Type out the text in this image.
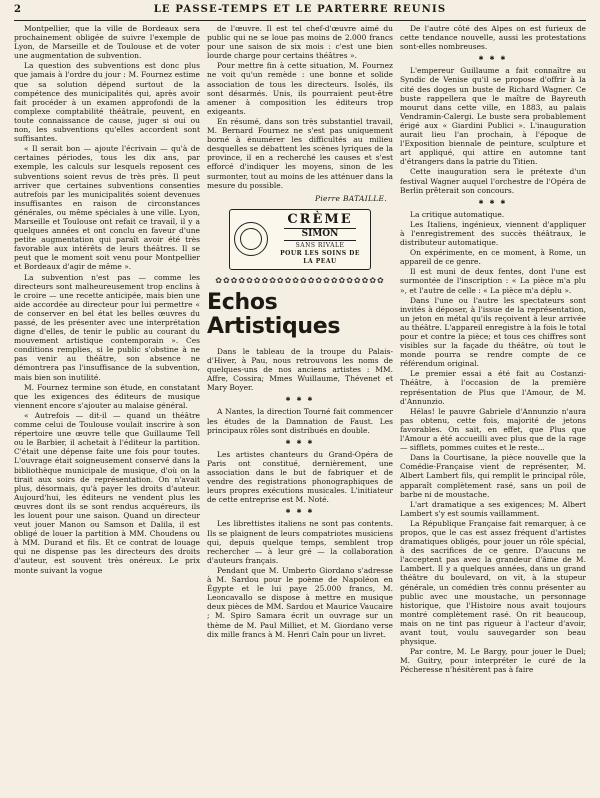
2	LE PASSE-TEMPS ET LE PARTERRE REUNIS

Montpellier, que la ville de Bordeaux sera prochainement obligée de suivre l'exemple de Lyon, de Marseille et de Toulouse et de voter une augmentation de subvention.

La question des subventions est donc plus que jamais à l'ordre du jour : M. Fournez estime que sa solution dépend surtout de la compétence des municipalités qui, après avoir fait procéder à un examen approfondi de la complexe comptabilité théâtrale, peuvent, en toute connaissance de cause, juger si oui ou non, les subventions qu'elles accordent sont suffisantes.

« Il serait bon — ajoute l'écrivain — qu'à de certaines périodes, tous les dix ans, par exemple, les calculs sur lesquels reposent ces subventions soient revus de très près. Il peut arriver que certaines subventions consenties autrefois par les municipalités soient devenues insuffisantes en raison de circonstances générales, ou même spéciales à une ville. Lyon, Marseille et Toulouse ont refait ce travail, il y a quelques années et ont conclu en faveur d'une petite augmentation qui paraît avoir été très favorable aux intérêts de leurs théâtres. Il se peut que le moment soit venu pour Montpellier et Bordeaux d'agir de même ».

La subvention n'est pas — comme les directeurs sont malheureusement trop enclins à le croire — une recette anticipée, mais bien une aide accordée au directeur pour lui permettre « de conserver en bel état les belles œuvres du passé, de les présenter avec une interprétation digne d'elles, de tenir le public au courant du mouvement artistique contemporain ». Ces conditions remplies, si le public s'obstine à ne pas venir au théâtre, son absence ne démontrera pas l'insuffisance de la subvention, mais bien son inutilité.

M. Fournez termine son étude, en constatant que les exigences des éditeurs de musique viennent encore s'ajouter au malaise général.

« Autrefois — dit-il — quand un théâtre comme celui de Toulouse voulait inscrire à son répertoire une œuvre telle que Guillaume Tell ou le Barbier, il achetait à l'éditeur la partition. C'était une dépense faite une fois pour toutes. L'ouvrage était soigneusement conservé dans la bibliothèque municipale de musique, d'où on la tirait aux soirs de représentation. On n'avait plus, désormais, qu'à payer les droits d'auteur. Aujourd'hui, les éditeurs ne vendent plus les œuvres dont ils se sont rendus acquéreurs, ils les louent pour une saison. Quand un directeur veut jouer Manon ou Samson et Dalila, il est obligé de louer la partition à MM. Choudens ou à MM. Durand et fils. Et ce contrat de louage qui ne dispense pas les directeurs des droits d'auteur, est souvent très onéreux. Le prix monte suivant la vogue

de l'œuvre. Il est tel chef-d'œuvre aimé du public qui ne se loue pas moins de 2.000 francs pour une saison de six mois : c'est une bien lourde charge pour certains théâtres ».

Pour mettre fin à cette situation, M. Fournez ne voit qu'un remède : une bonne et solide association de tous les directeurs. Isolés, ils sont désarmés. Unis, ils pourraient peut-être amener à composition les éditeurs trop exigeants.

En résumé, dans son très substantiel travail, M. Bernard Fournez ne s'est pas uniquement borné à énumérer les difficultés au milieu desquelles se débattent les scènes lyriques de la province, il en a recherché les causes et s'est efforcé d'indiquer les moyens, sinon de les surmonter, tout au moins de les atténuer dans la mesure du possible.

Pierre BATAILLE.
CRÈME
SIMON
SANS RIVALE
POUR LES SOINS DE LA PEAU
✿✿✿✿✿✿✿✿✿✿✿✿✿✿✿✿✿✿✿✿✿✿
Echos Artistiques

Dans le tableau de la troupe du Palais-d'Hiver, à Pau, nous retrouvons les noms de quelques-uns de nos anciens artistes : MM. Affre, Cossira; Mmes Wuillaume, Thévenet et Mary Boyer.

✱ ✱ ✱

A Nantes, la direction Tourné fait commencer les études de la Damnation de Faust. Les principaux rôles sont distribués en double.

✱ ✱ ✱

Les artistes chanteurs du Grand-Opéra de Paris ont constitué, dernièrement, une association dans le but de fabriquer et de vendre des registrations phonographiques de leurs propres exécutions musicales. L'initiateur de cette entreprise est M. Noté.

✱ ✱ ✱

Les librettistes italiens ne sont pas contents. Ils se plaignent de leurs compatriotes musiciens qui, depuis quelque temps, semblent trop rechercher — à leur gré — la collaboration d'auteurs français.

Pendant que M. Umberto Giordano s'adresse à M. Sardou pour le poème de Napoléon en Égypte et le lui paye 25.000 francs, M. Leoncavallo se dispose à mettre en musique deux pièces de MM. Sardou et Maurice Vaucaire ; M. Spiro Samara écrit un ouvrage sur un thème de M. Paul Milliet, et M. Giordano verse dix mille francs à M. Henri Caïn pour un livret.

De l'autre côté des Alpes on est furieux de cette tendance nouvelle, aussi les protestations sont-elles nombreuses.

✱ ✱ ✱

L'empereur Guillaume a fait connaître au Syndic de Venise qu'il se propose d'offrir à la cité des doges un buste de Richard Wagner. Ce buste rappellera que le maître de Bayreuth mourut dans cette ville, en 1883, au palais Vendramin-Calergi. Le buste sera probablement érigé aux « Giardini Publici ». L'inauguration aurait lieu l'an prochain, à l'époque de l'Exposition biennale de peinture, sculpture et art appliqué, qui attire en automne tant d'étrangers dans la patrie du Titien.

Cette inauguration sera le prétexte d'un festival Wagner auquel l'orchestre de l'Opéra de Berlin prêterait son concours.

✱ ✱ ✱

La critique automatique.

Les Italiens, ingénieux, viennent d'appliquer à l'enregistrement des succès théâtraux, le distributeur automatique.

On expérimente, en ce moment, à Rome, un appareil de ce genre.

Il est muni de deux fentes, dont l'une est surmontée de l'inscription : « La pièce m'a plu », et l'autre de celle : « La pièce m'a déplu ».

Dans l'une ou l'autre les spectateurs sont invités à déposer, à l'issue de la représentation, un jeton en métal qu'ils reçoivent à leur arrivée au théâtre. L'appareil enregistre à la fois le total pour et contre la pièce; et tous ces chiffres sont visibles sur la façade du théâtre, où tout le monde pourra se rendre compte de ce référendum original.

Le premier essai a été fait au Costanzi-Théâtre, à l'occasion de la première représentation de Plus que l'Amour, de M. d'Annunzio.

Hélas! le pauvre Gabriele d'Annunzio n'aura pas obtenu, cette fois, majorité de jetons favorables. On sait, en effet, que Plus que l'Amour a été accueilli avec plus que de la rage — sifflets, pommes cuites et le reste...

Dans la Courtisane, la pièce nouvelle que la Comédie-Française vient de représenter, M. Albert Lambert fils, qui remplit le principal rôle, apparaît complètement rasé, sans un poil de barbe ni de moustache.

L'art dramatique a ses exigences; M. Albert Lambert s'y est soumis vaillamment.

La République Française fait remarquer, à ce propos, que le cas est assez fréquent d'artistes dramatiques obligés, pour jouer un rôle spécial, à des sacrifices de ce genre. D'aucuns ne l'acceptent pas avec la grandeur d'âme de M. Lambert. Il y a quelques années, dans un grand théâtre du boulevard, on vit, à la stupeur générale, un comédien très connu présenter au public avec une moustache, un personnage historique, que l'Histoire nous avait toujours montré complètement rasé. On rit beaucoup, mais on ne tint pas rigueur à l'acteur d'avoir, avant tout, voulu sauvegarder son beau physique.

Par contre, M. Le Bargy, pour jouer le Duel; M. Guitry, pour interpréter le curé de la Pécheresse n'hésitèrent pas à faire
